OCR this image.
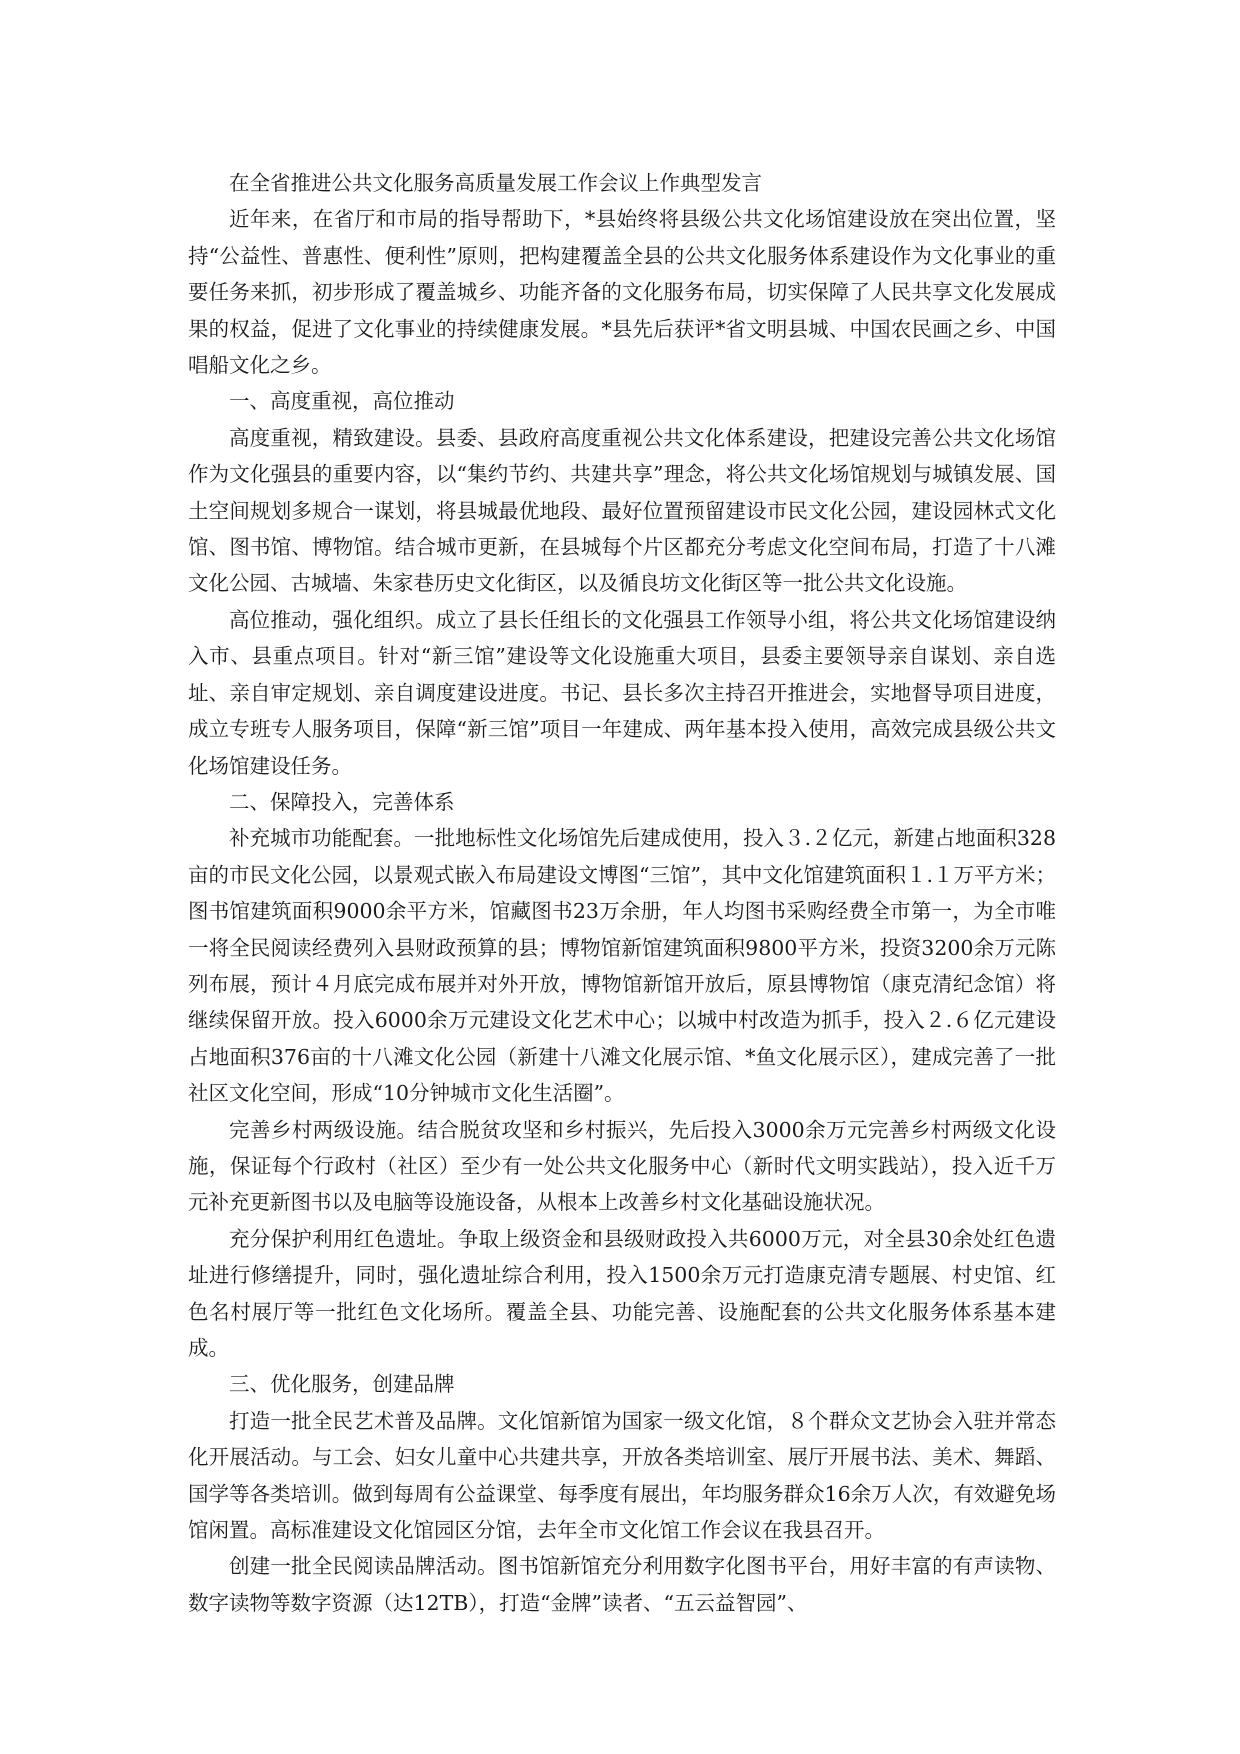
在全省推进公共文化服务高质量发展工作会议上作典型发言

近年来，在省厅和市局的指导帮助下，*县始终将县级公共文化场馆建设放在突出位置，坚持“公益性、普惠性、便利性”原则，把构建覆盖全县的公共文化服务体系建设作为文化事业的重要任务来抓，初步形成了覆盖城乡、功能齐备的文化服务布局，切实保障了人民共享文化发展成果的权益，促进了文化事业的持续健康发展。*县先后获评*省文明县城、中国农民画之乡、中国唱船文化之乡。

一、高度重视，高位推动

高度重视，精致建设。县委、县政府高度重视公共文化体系建设，把建设完善公共文化场馆作为文化强县的重要内容，以“集约节约、共建共享”理念，将公共文化场馆规划与城镇发展、国土空间规划多规合一谋划，将县城最优地段、最好位置预留建设市民文化公园，建设园林式文化馆、图书馆、博物馆。结合城市更新，在县城每个片区都充分考虑文化空间布局，打造了十八滩文化公园、古城墙、朱家巷历史文化街区，以及循良坊文化街区等一批公共文化设施。

高位推动，强化组织。成立了县长任组长的文化强县工作领导小组，将公共文化场馆建设纳入市、县重点项目。针对“新三馆”建设等文化设施重大项目，县委主要领导亲自谋划、亲自选址、亲自审定规划、亲自调度建设进度。书记、县长多次主持召开推进会，实地督导项目进度，成立专班专人服务项目，保障“新三馆”项目一年建成、两年基本投入使用，高效完成县级公共文化场馆建设任务。

二、保障投入，完善体系

补充城市功能配套。一批地标性文化场馆先后建成使用，投入３.２亿元，新建占地面积328亩的市民文化公园，以景观式嵌入布局建设文博图“三馆”，其中文化馆建筑面积１.１万平方米；图书馆建筑面积9000余平方米，馆藏图书23万余册，年人均图书采购经费全市第一，为全市唯一将全民阅读经费列入县财政预算的县；博物馆新馆建筑面积9800平方米，投资3200余万元陈列布展，预计４月底完成布展并对外开放，博物馆新馆开放后，原县博物馆（康克清纪念馆）将继续保留开放。投入6000余万元建设文化艺术中心；以城中村改造为抓手，投入２.６亿元建设占地面积376亩的十八滩文化公园（新建十八滩文化展示馆、*鱼文化展示区），建成完善了一批社区文化空间，形成“10分钟城市文化生活圈”。

完善乡村两级设施。结合脱贫攻坚和乡村振兴，先后投入3000余万元完善乡村两级文化设施，保证每个行政村（社区）至少有一处公共文化服务中心（新时代文明实践站），投入近千万元补充更新图书以及电脑等设施设备，从根本上改善乡村文化基础设施状况。

充分保护利用红色遗址。争取上级资金和县级财政投入共6000万元，对全县30余处红色遗址进行修缮提升，同时，强化遗址综合利用，投入1500余万元打造康克清专题展、村史馆、红色名村展厅等一批红色文化场所。覆盖全县、功能完善、设施配套的公共文化服务体系基本建成。

三、优化服务，创建品牌

打造一批全民艺术普及品牌。文化馆新馆为国家一级文化馆，８个群众文艺协会入驻并常态化开展活动。与工会、妇女儿童中心共建共享，开放各类培训室、展厅开展书法、美术、舞蹈、国学等各类培训。做到每周有公益课堂、每季度有展出，年均服务群众16余万人次，有效避免场馆闲置。高标准建设文化馆园区分馆，去年全市文化馆工作会议在我县召开。

创建一批全民阅读品牌活动。图书馆新馆充分利用数字化图书平台，用好丰富的有声读物、数字读物等数字资源（达12TB），打造“金牌”读者、“五云益智园”、
